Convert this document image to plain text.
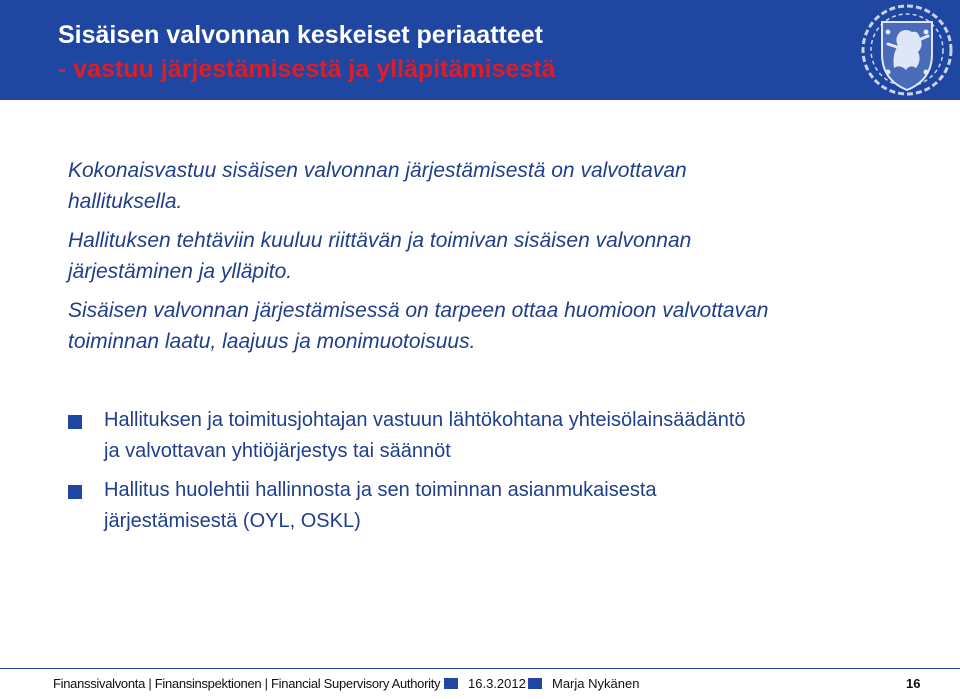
Sisäisen valvonnan keskeiset periaatteet
- vastuu järjestämisestä ja ylläpitämisestä

Kokonaisvastuu sisäisen valvonnan järjestämisestä on valvottavan
hallituksella.

Hallituksen tehtäviin kuuluu riittävän ja toimivan sisäisen valvonnan
järjestäminen ja ylläpito.

Sisäisen valvonnan järjestämisessä on tarpeen ottaa huomioon valvottavan
toiminnan laatu, laajuus ja monimuotoisuus.

Hallituksen ja toimitusjohtajan vastuun lähtökohtana yhteisölainsäädäntö
ja valvottavan yhtiöjärjestys tai säännöt

Hallitus huolehtii hallinnosta ja sen toiminnan asianmukaisesta
järjestämisestä (OYL, OSKL)

Finanssivalvonta | Finansinspektionen | Financial Supervisory Authority 16.3.2012 Marja Nykänen	16
